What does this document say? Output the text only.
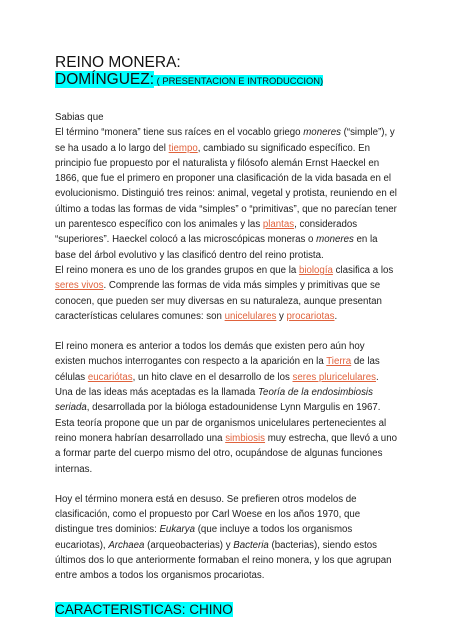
REINO MONERA:

DOMÍNGUEZ: ( PRESENTACION E INTRODUCCION)

Sabias que
El término “monera” tiene sus raíces en el vocablo griego moneres (“simple”), y se ha usado a lo largo del tiempo, cambiado su significado específico. En principio fue propuesto por el naturalista y filósofo alemán Ernst Haeckel en 1866, que fue el primero en proponer una clasificación de la vida basada en el evolucionismo. Distinguió tres reinos: animal, vegetal y protista, reuniendo en el último a todas las formas de vida “simples” o “primitivas”, que no parecían tener un parentesco específico con los animales y las plantas, considerados “superiores”. Haeckel colocó a las microscópicas moneras o moneres en la base del árbol evolutivo y las clasificó dentro del reino protista.
El reino monera es uno de los grandes grupos en que la biología clasifica a los seres vivos. Comprende las formas de vida más simples y primitivas que se conocen, que pueden ser muy diversas en su naturaleza, aunque presentan características celulares comunes: son unicelulares y procariotas.

El reino monera es anterior a todos los demás que existen pero aún hoy existen muchos interrogantes con respecto a la aparición en la Tierra de las células eucariótas, un hito clave en el desarrollo de los seres pluricelulares. Una de las ideas más aceptadas es la llamada Teoría de la endosimbiosis seriada, desarrollada por la bióloga estadounidense Lynn Margulis en 1967. Esta teoría propone que un par de organismos unicelulares pertenecientes al reino monera habrían desarrollado una simbiosis muy estrecha, que llevó a uno a formar parte del cuerpo mismo del otro, ocupándose de algunas funciones internas.

Hoy el término monera está en desuso. Se prefieren otros modelos de clasificación, como el propuesto por Carl Woese en los años 1970, que distingue tres dominios: Eukarya (que incluye a todos los organismos eucariotas), Archaea (arqueobacterias) y Bacteria (bacterias), siendo estos últimos dos lo que anteriormente formaban el reino monera, y los que agrupan entre ambos a todos los organismos procariotas.

CARACTERISTICAS: CHINO
